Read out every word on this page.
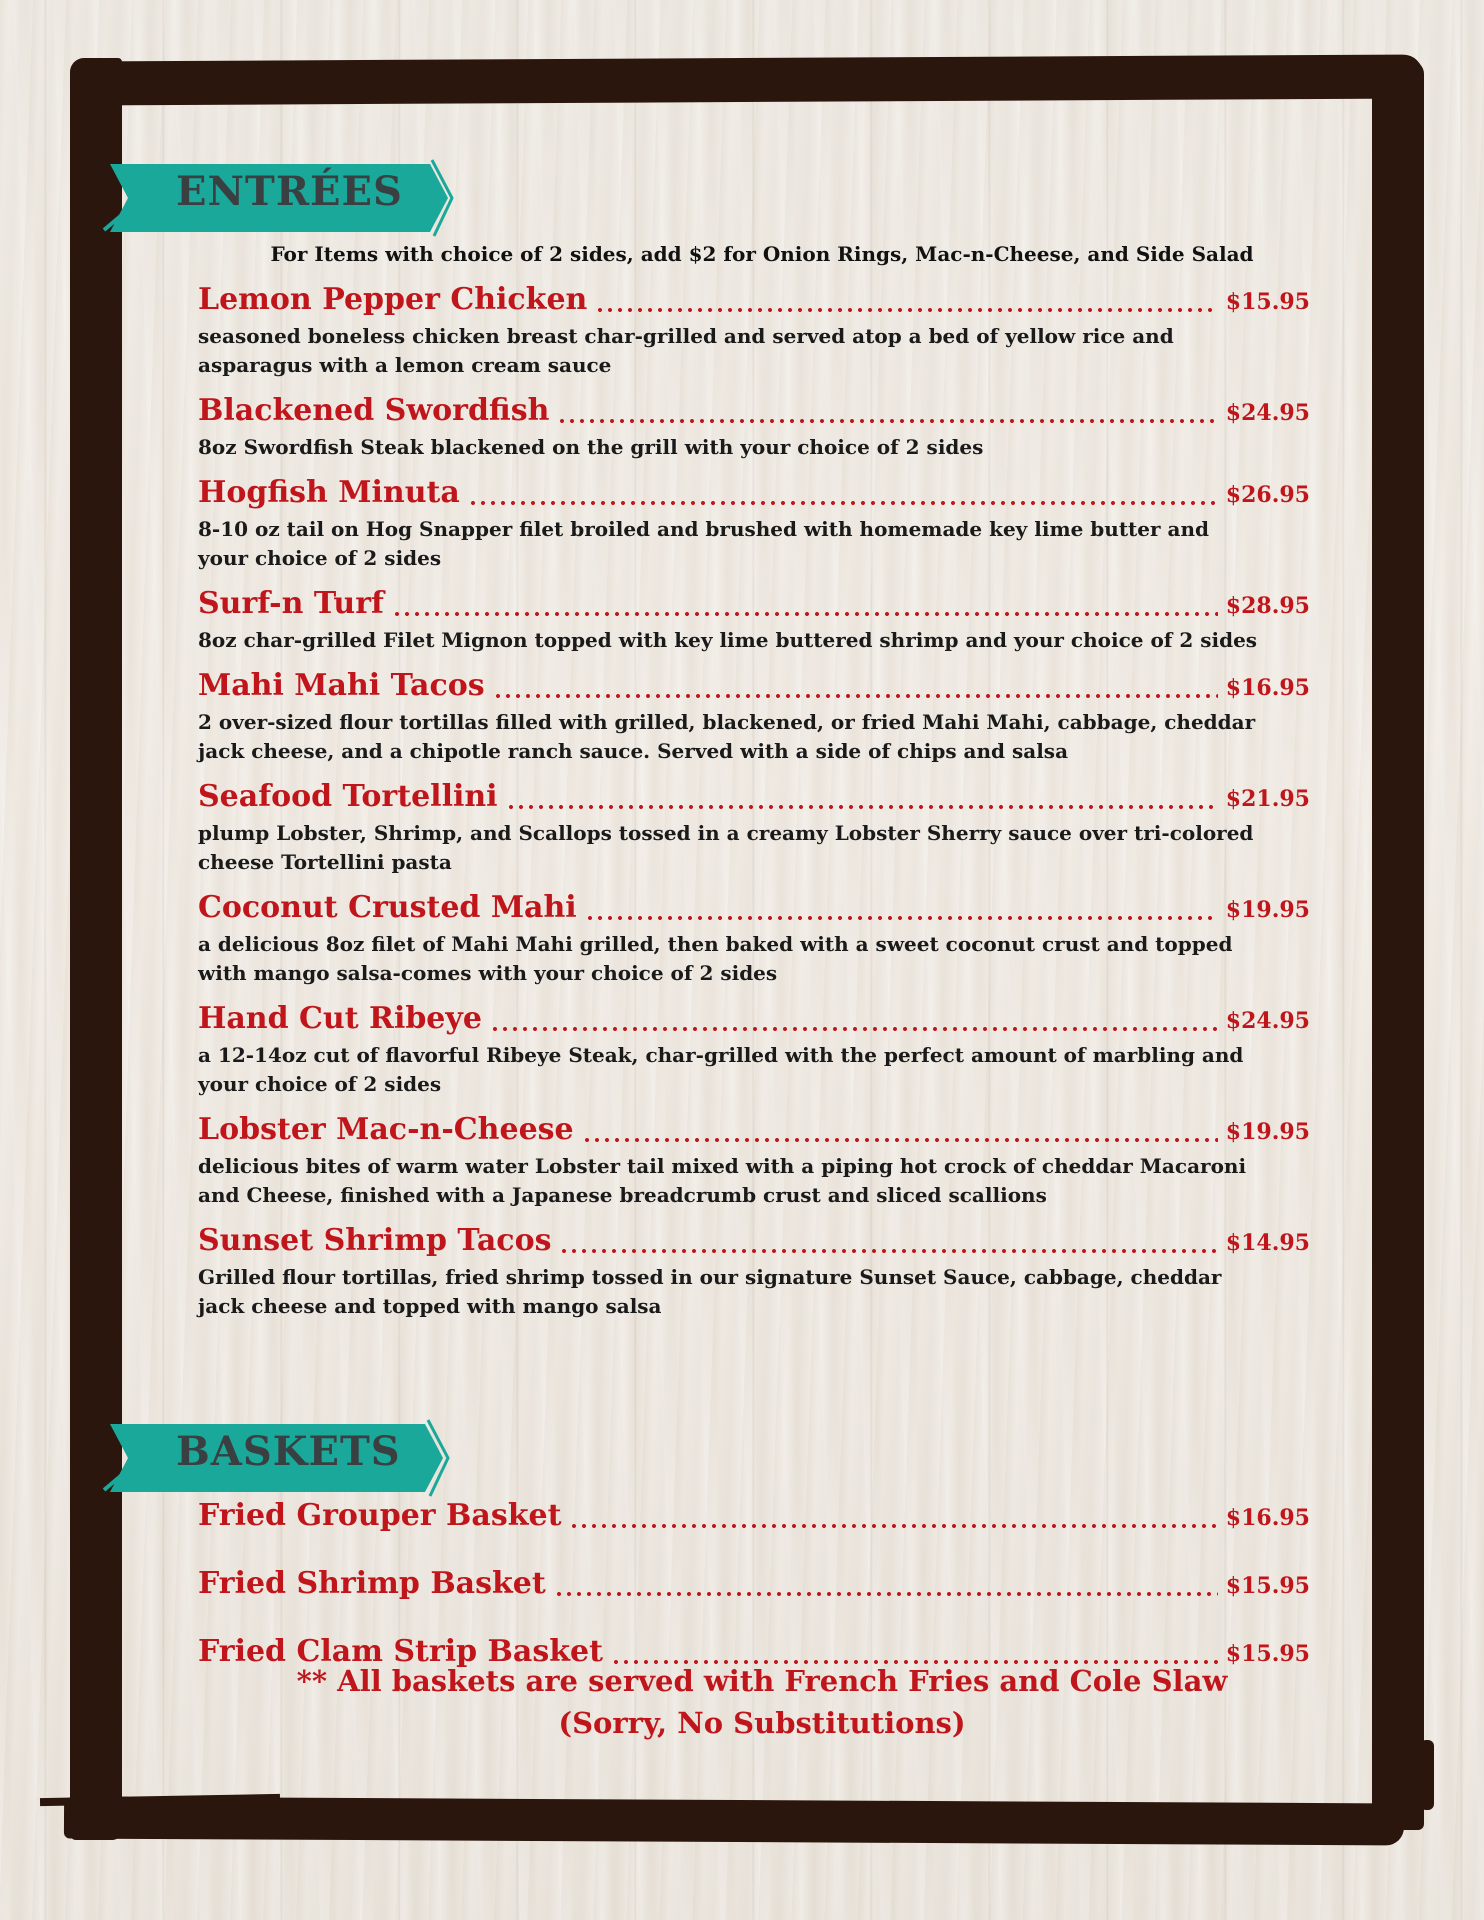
ENTRÉES
For Items with choice of 2 sides, add $2 for Onion Rings, Mac-n-Cheese, and Side Salad
Lemon Pepper Chicken	$15.95
seasoned boneless chicken breast char-grilled and served atop a bed of yellow rice and asparagus with a lemon cream sauce
Blackened Swordfish	$24.95
8oz Swordfish Steak blackened on the grill with your choice of 2 sides
Hogfish Minuta	$26.95
8-10 oz tail on Hog Snapper filet broiled and brushed with homemade key lime butter and your choice of 2 sides
Surf-n Turf	$28.95
8oz char-grilled Filet Mignon topped with key lime buttered shrimp and your choice of 2 sides
Mahi Mahi Tacos	$16.95
2 over-sized flour tortillas filled with grilled, blackened, or fried Mahi Mahi, cabbage, cheddar jack cheese, and a chipotle ranch sauce. Served with a side of chips and salsa
Seafood Tortellini	$21.95
plump Lobster, Shrimp, and Scallops tossed in a creamy Lobster Sherry sauce over tri-colored cheese Tortellini pasta
Coconut Crusted Mahi	$19.95
a delicious 8oz filet of Mahi Mahi grilled, then baked with a sweet coconut crust and topped with mango salsa-comes with your choice of 2 sides
Hand Cut Ribeye	$24.95
a 12-14oz cut of flavorful Ribeye Steak, char-grilled with the perfect amount of marbling and your choice of 2 sides
Lobster Mac-n-Cheese	$19.95
delicious bites of warm water Lobster tail mixed with a piping hot crock of cheddar Macaroni and Cheese, finished with a Japanese breadcrumb crust and sliced scallions
Sunset Shrimp Tacos	$14.95
Grilled flour tortillas, fried shrimp tossed in our signature Sunset Sauce, cabbage, cheddar jack cheese and topped with mango salsa
BASKETS
Fried Grouper Basket	$16.95
Fried Shrimp Basket	$15.95
Fried Clam Strip Basket	$15.95
** All baskets are served with French Fries and Cole Slaw
(Sorry, No Substitutions)
